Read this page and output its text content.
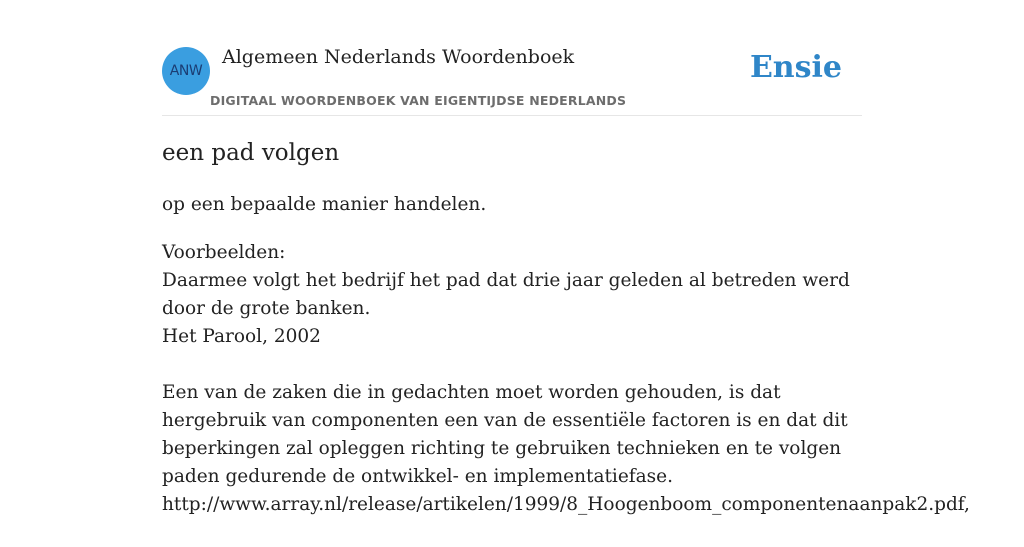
ANW
Algemeen Nederlands Woordenboek
DIGITAAL WOORDENBOEK VAN EIGENTIJDSE NEDERLANDS
Ensie
een pad volgen
op een bepaalde manier handelen.

Voorbeelden:

Daarmee volgt het bedrijf het pad dat drie jaar geleden al betreden werd door de grote banken.

Het Parool, 2002

Een van de zaken die in gedachten moet worden gehouden, is dat hergebruik van componenten een van de essentiële factoren is en dat dit beperkingen zal opleggen richting te gebruiken technieken en te volgen paden gedurende de ontwikkel- en implementatiefase.

http://www.array.nl/release/artikelen/1999/8_Hoogenboom_componentenaanpak2.pdf,
